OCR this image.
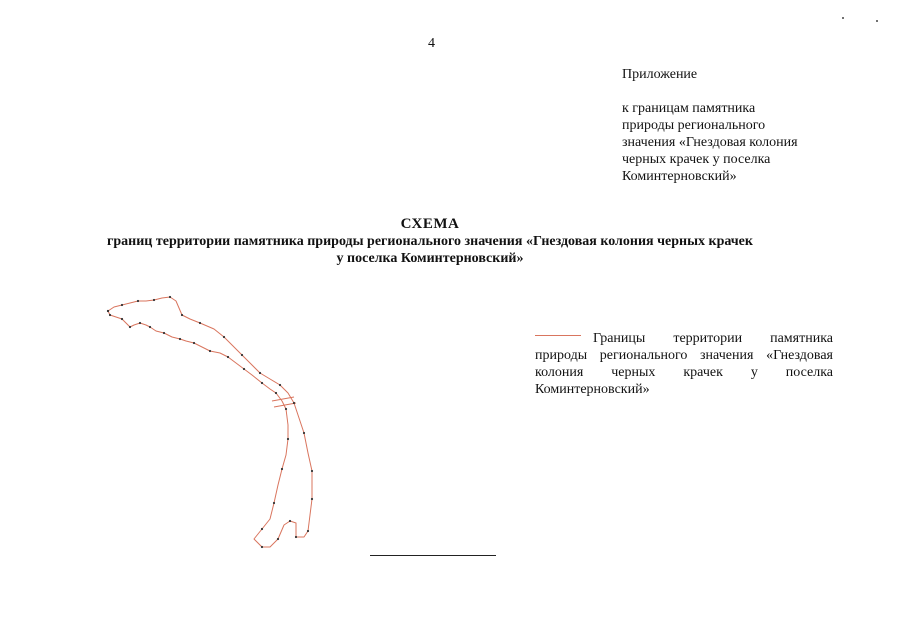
4
Приложение
к границам памятника
природы регионального
значения «Гнездовая колония
черных крачек у поселка
Коминтерновский»
СХЕМА
границ территории памятника природы регионального значения «Гнездовая колония черных крачек
у поселка Коминтерновский»
Границы территории памятника природы регионального значения «Гнездовая колония черных крачек у поселка Коминтерновский»
